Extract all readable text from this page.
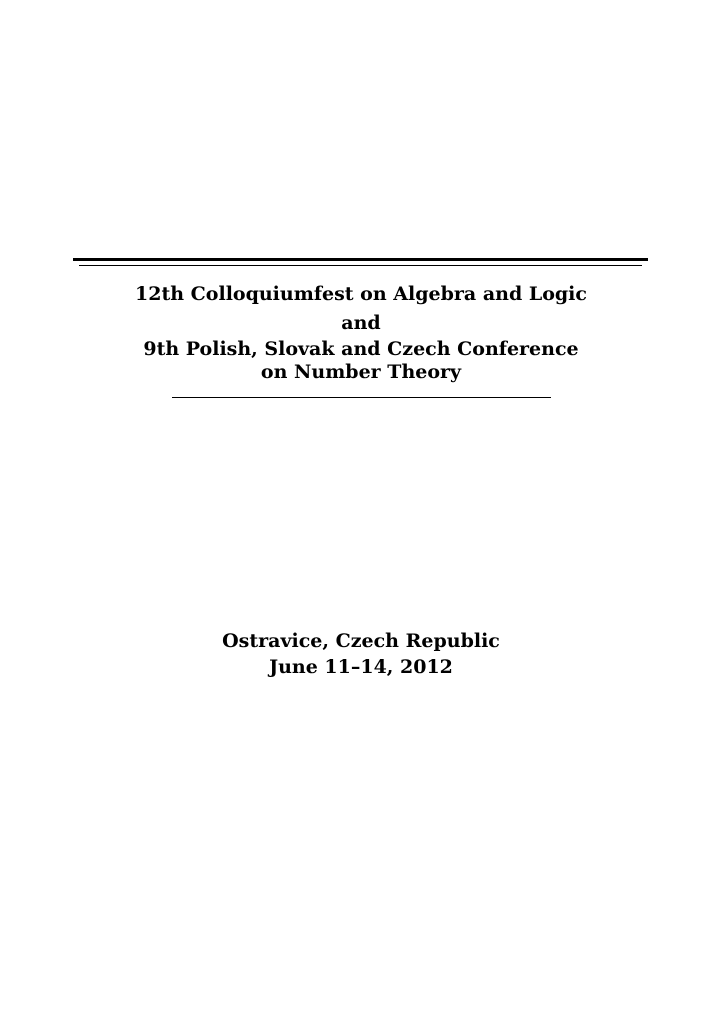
12th Colloquiumfest on Algebra and Logic
and
9th Polish, Slovak and Czech Conference
on Number Theory
Ostravice, Czech Republic
June 11–14, 2012
